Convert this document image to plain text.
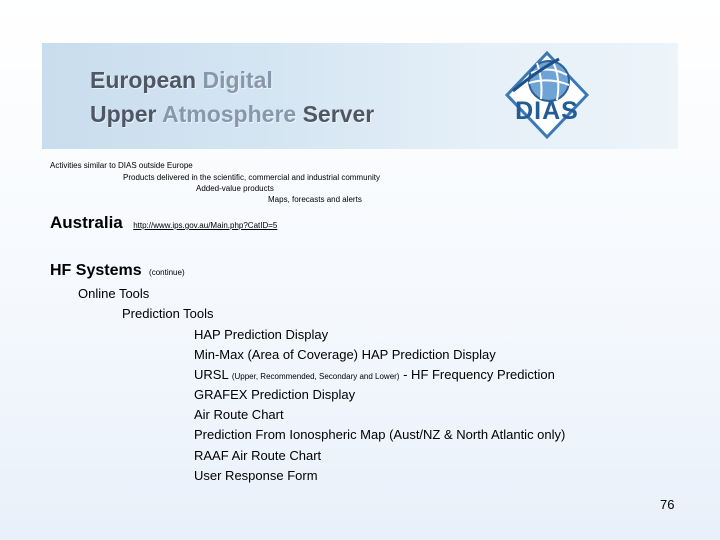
European Digital
Upper Atmosphere Server	DIAS
Activities similar to DIAS outside Europe
Products delivered in the scientific, commercial and industrial community
Added-value products
Maps, forecasts and alerts
Australia http://www.ips.gov.au/Main.php?CatID=5
HF Systems (continue)
Online Tools
Prediction Tools
HAP Prediction Display
Min-Max (Area of Coverage) HAP Prediction Display
URSL (Upper, Recommended, Secondary and Lower) - HF Frequency Prediction
GRAFEX Prediction Display
Air Route Chart
Prediction From Ionospheric Map (Aust/NZ & North Atlantic only)
RAAF Air Route Chart
User Response Form
76
